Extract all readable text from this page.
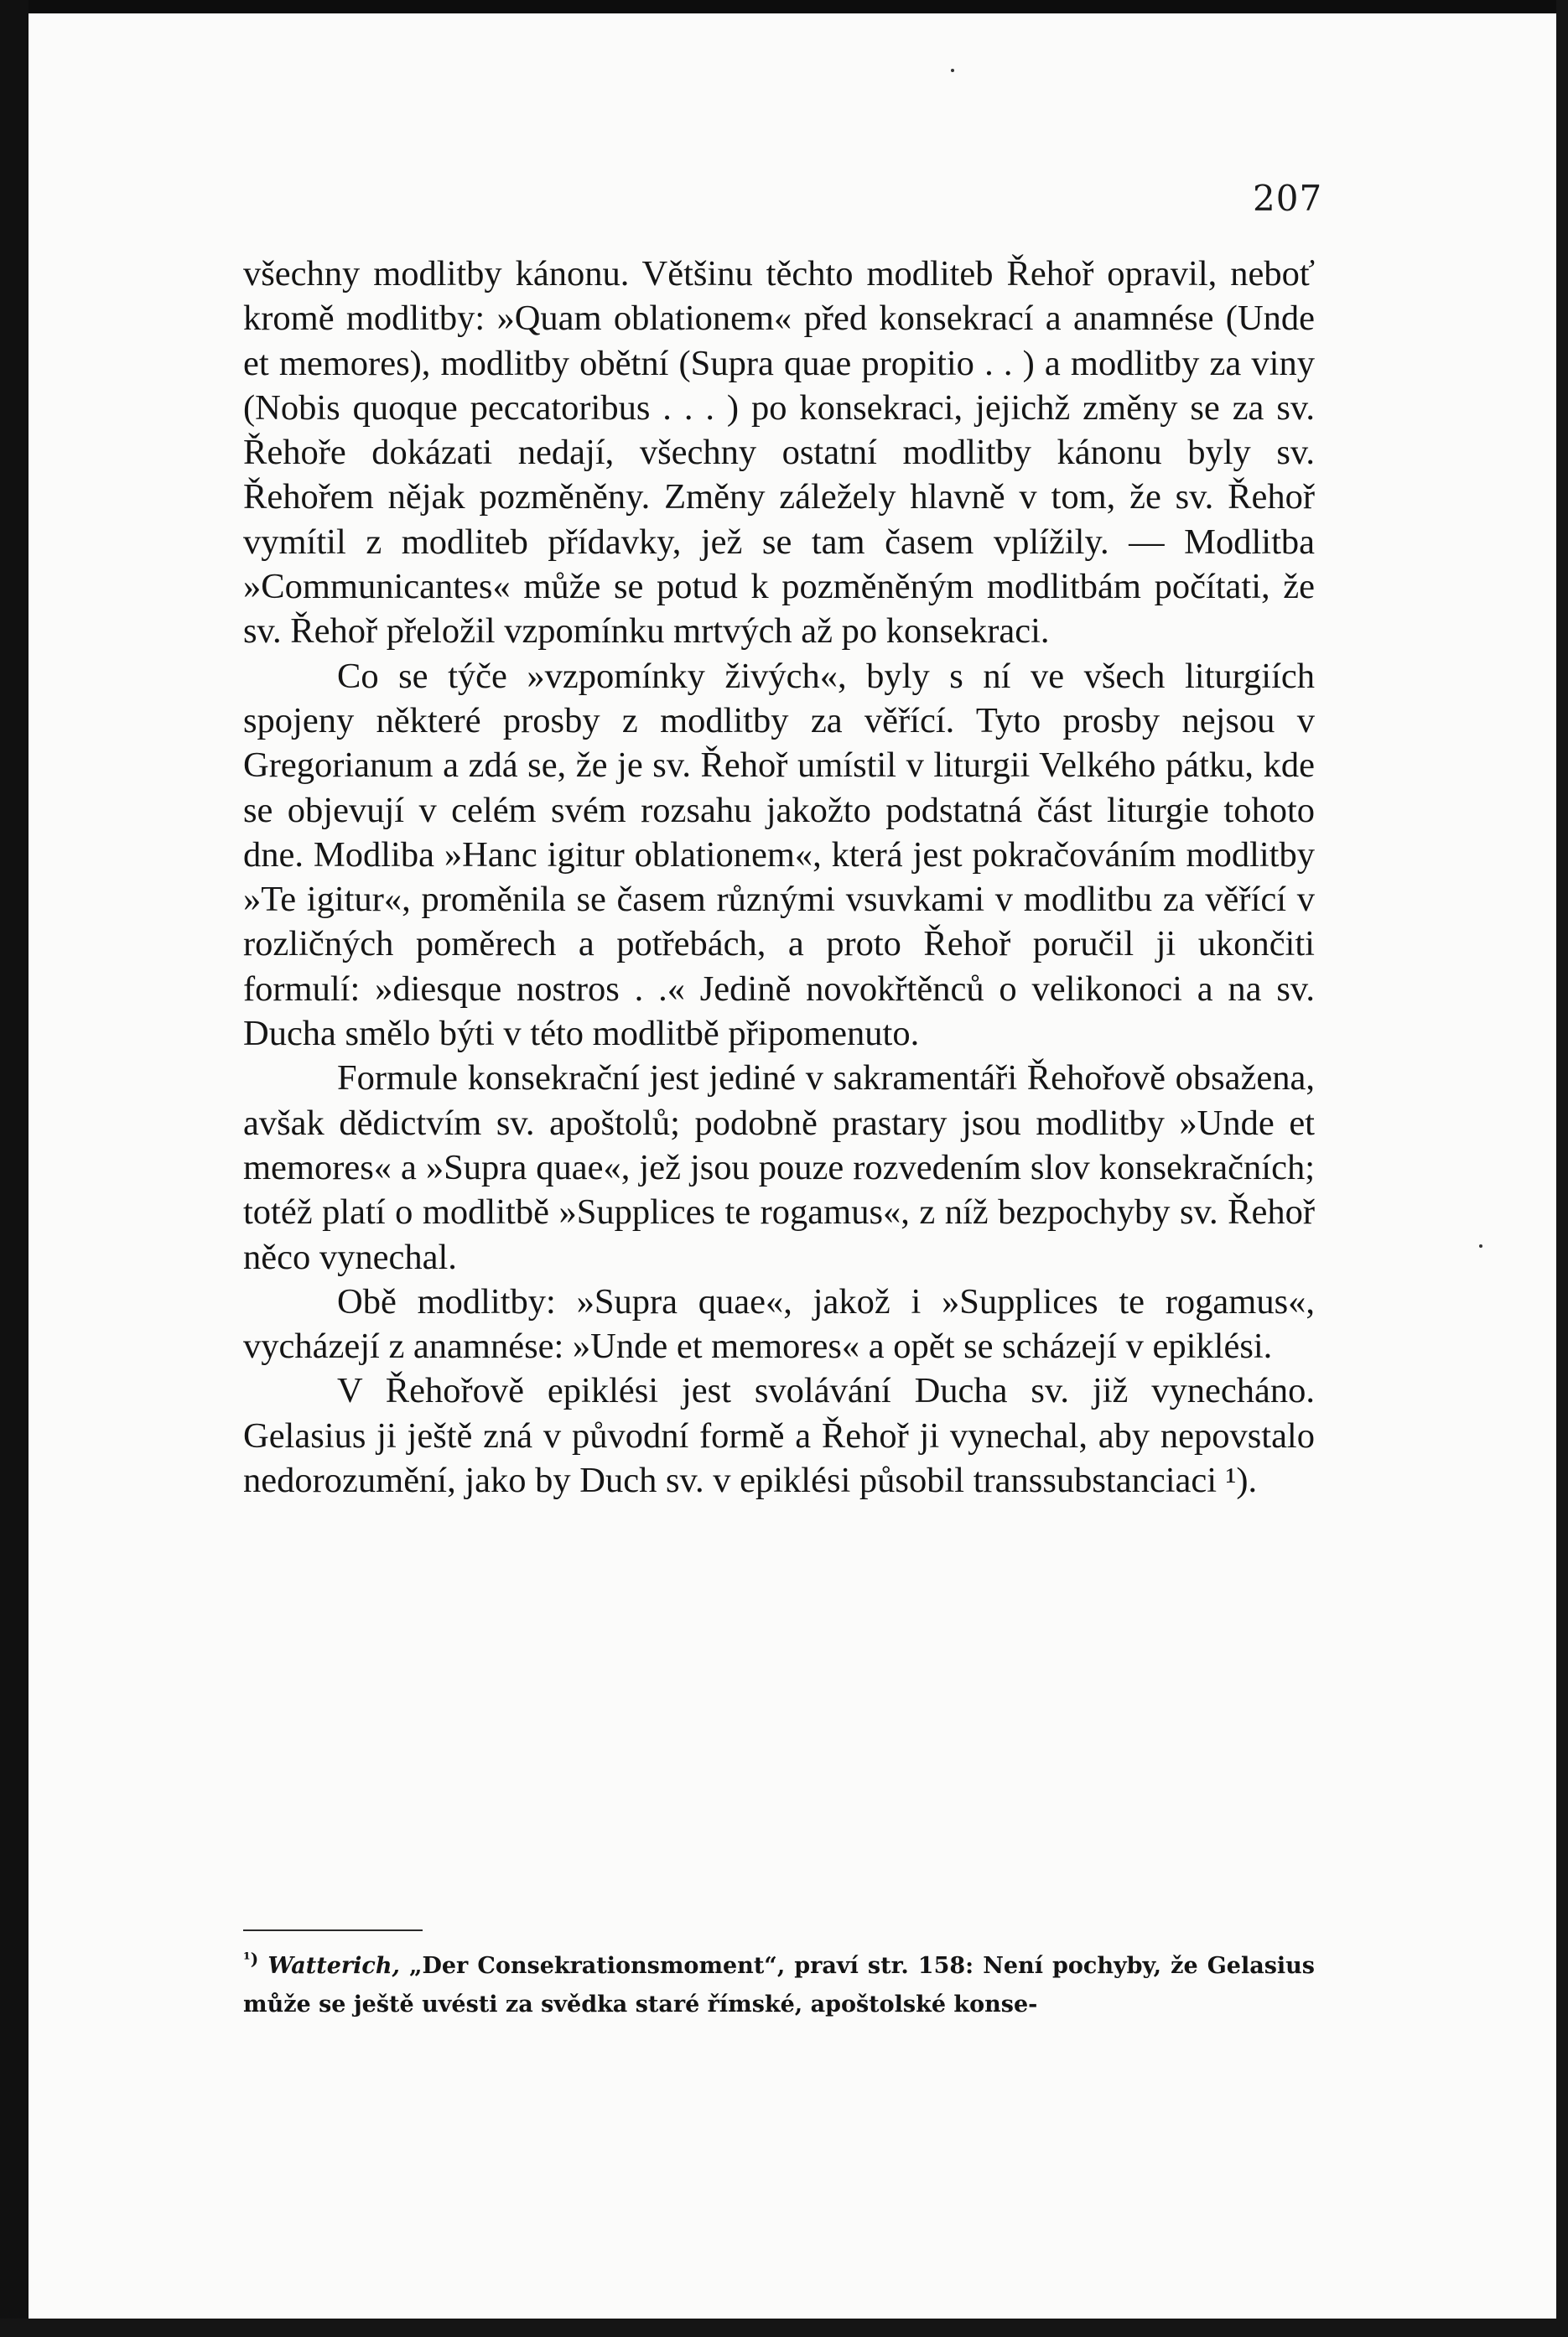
207

všechny modlitby kánonu. Většinu těchto modliteb Řehoř opravil, neboť kromě modlitby: »Quam oblationem« před konsekrací a anamnése (Unde et memores), modlitby obětní (Supra quae propitio . . ) a modlitby za viny (Nobis quoque peccatoribus . . . ) po konsekraci, jejichž změny se za sv. Řehoře dokázati nedají, všechny ostatní modlitby kánonu byly sv. Řehořem nějak pozměněny. Změny záležely hlavně v tom, že sv. Řehoř vymítil z modliteb přídavky, jež se tam časem vplížily. — Modlitba »Communicantes« může se potud k pozměněným modlitbám počítati, že sv. Řehoř přeložil vzpomínku mrtvých až po konsekraci.

Co se týče »vzpomínky živých«, byly s ní ve všech liturgiích spojeny některé prosby z modlitby za věřící. Tyto prosby nejsou v Gregorianum a zdá se, že je sv. Řehoř umístil v liturgii Velkého pátku, kde se objevují v celém svém rozsahu jakožto podstatná část liturgie tohoto dne. Modliba »Hanc igitur oblationem«, která jest pokračováním modlitby »Te igitur«, proměnila se časem různými vsuvkami v modlitbu za věřící v rozličných poměrech a potřebách, a proto Řehoř poručil ji ukončiti formulí: »diesque nostros . .« Jedině novokřtěnců o velikonoci a na sv. Ducha smělo býti v této modlitbě připomenuto.

Formule konsekrační jest jediné v sakramentáři Řehořově obsažena, avšak dědictvím sv. apoštolů; podobně prastary jsou modlitby »Unde et memores« a »Supra quae«, jež jsou pouze rozvedením slov konsekračních; totéž platí o modlitbě »Supplices te rogamus«, z níž bezpochyby sv. Řehoř něco vynechal.

Obě modlitby: »Supra quae«, jakož i »Supplices te rogamus«, vycházejí z anamnése: »Unde et memores« a opět se scházejí v epiklési.

V Řehořově epiklési jest svolávání Ducha sv. již vynecháno. Gelasius ji ještě zná v původní formě a Řehoř ji vynechal, aby nepovstalo nedorozumění, jako by Duch sv. v epiklési působil transsubstanciaci ¹).

$^{^1)}$ Watterich, „Der Consekrationsmoment“, praví str. 158: Není pochyby, že Gelasius může se ještě uvésti za svědka staré římské, apoštolské konse-
